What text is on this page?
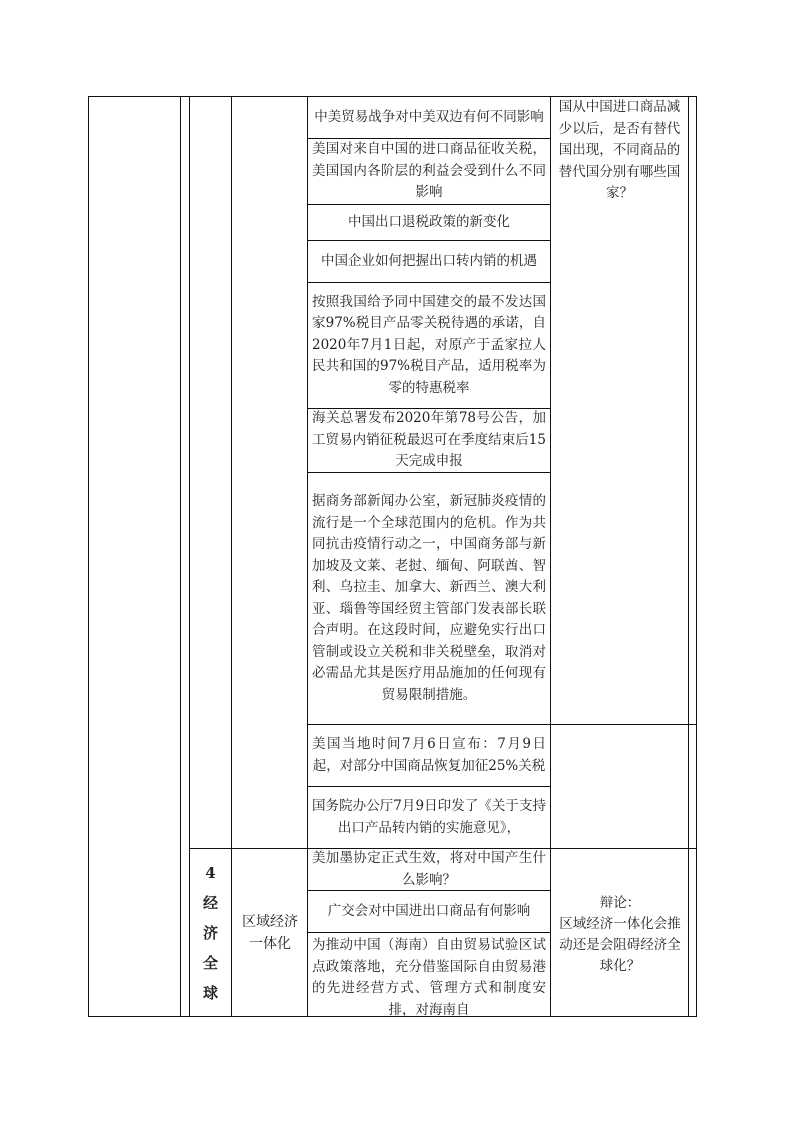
中美贸易战争对中美双边有何不同影响
美国对来自中国的进口商品征收关税，美国国内各阶层的利益会受到什么不同影响
中国出口退税政策的新变化
中国企业如何把握出口转内销的机遇
按照我国给予同中国建交的最不发达国家97%税目产品零关税待遇的承诺，自2020年7月1日起，对原产于孟家拉人民共和国的97%税目产品，适用税率为零的特惠税率
海关总署发布2020年第78号公告，加工贸易内销征税最迟可在季度结束后15天完成申报
据商务部新闻办公室，新冠肺炎疫情的流行是一个全球范围内的危机。作为共同抗击疫情行动之一，中国商务部与新加坡及文莱、老挝、缅甸、阿联酋、智利、乌拉圭、加拿大、新西兰、澳大利亚、瑙鲁等国经贸主管部门发表部长联合声明。在这段时间，应避免实行出口管制或设立关税和非关税壁垒，取消对必需品尤其是医疗用品施加的任何现有贸易限制措施。
美国当地时间7月6日宣布：7月9日起，对部分中国商品恢复加征25%关税
国务院办公厅7月9日印发了《关于支持出口产品转内销的实施意见》，
国从中国进口商品减少以后，是否有替代国出现，不同商品的替代国分别有哪些国家？
4
经
济
全
球
区域经济一体化
美加墨协定正式生效，将对中国产生什么影响？
广交会对中国进出口商品有何影响
为推动中国（海南）自由贸易试验区试点政策落地，充分借鉴国际自由贸易港的先进经营方式、管理方式和制度安排，对海南自
辩论：
区域经济一体化会推动还是会阻碍经济全球化？
